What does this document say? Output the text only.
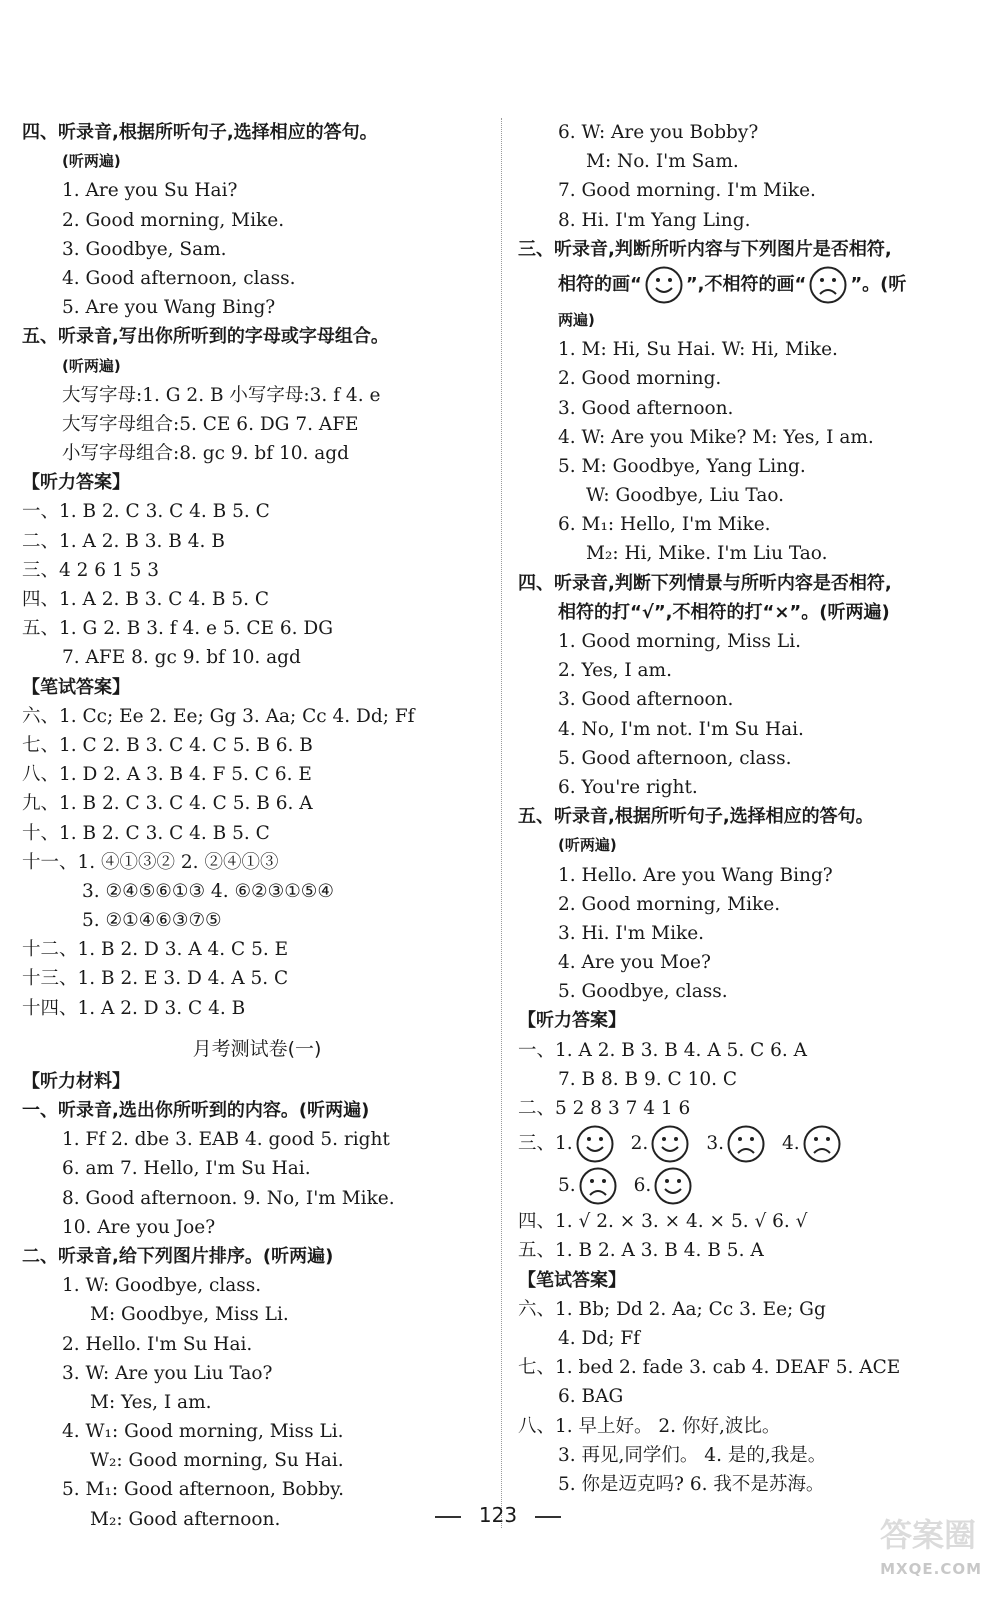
四、听录音,根据所听句子,选择相应的答句。
(听两遍)
1. Are you Su Hai?
2. Good morning, Mike.
3. Goodbye, Sam.
4. Good afternoon, class.
5. Are you Wang Bing?
五、听录音,写出你所听到的字母或字母组合。
(听两遍)
大写字母:1. G 2. B 小写字母:3. f 4. e
大写字母组合:5. CE 6. DG 7. AFE
小写字母组合:8. gc 9. bf 10. agd
【听力答案】
一、1. B 2. C 3. C 4. B 5. C
二、1. A 2. B 3. B 4. B
三、4 2 6 1 5 3
四、1. A 2. B 3. C 4. B 5. C
五、1. G 2. B 3. f 4. e 5. CE 6. DG
7. AFE 8. gc 9. bf 10. agd
【笔试答案】
六、1. Cc; Ee 2. Ee; Gg 3. Aa; Cc 4. Dd; Ff
七、1. C 2. B 3. C 4. C 5. B 6. B
八、1. D 2. A 3. B 4. F 5. C 6. E
九、1. B 2. C 3. C 4. C 5. B 6. A
十、1. B 2. C 3. C 4. B 5. C
十一、1. ④①③② 2. ②④①③
3. ②④⑤⑥①③ 4. ⑥②③①⑤④
5. ②①④⑥③⑦⑤
十二、1. B 2. D 3. A 4. C 5. E
十三、1. B 2. E 3. D 4. A 5. C
十四、1. A 2. D 3. C 4. B
月考测试卷(一)
【听力材料】
一、听录音,选出你所听到的内容。(听两遍)
1. Ff 2. dbe 3. EAB 4. good 5. right
6. am 7. Hello, I'm Su Hai.
8. Good afternoon. 9. No, I'm Mike.
10. Are you Joe?
二、听录音,给下列图片排序。(听两遍)
1. W: Goodbye, class.
M: Goodbye, Miss Li.
2. Hello. I'm Su Hai.
3. W: Are you Liu Tao?
M: Yes, I am.
4. W₁: Good morning, Miss Li.
W₂: Good morning, Su Hai.
5. M₁: Good afternoon, Bobby.
M₂: Good afternoon.
6. W: Are you Bobby?
M: No. I'm Sam.
7. Good morning. I'm Mike.
8. Hi. I'm Yang Ling.
三、听录音,判断所听内容与下列图片是否相符,
相符的画“ ”,不相符的画“ ”。(听
两遍)
1. M: Hi, Su Hai. W: Hi, Mike.
2. Good morning.
3. Good afternoon.
4. W: Are you Mike? M: Yes, I am.
5. M: Goodbye, Yang Ling.
W: Goodbye, Liu Tao.
6. M₁: Hello, I'm Mike.
M₂: Hi, Mike. I'm Liu Tao.
四、听录音,判断下列情景与所听内容是否相符,
相符的打“√”,不相符的打“×”。(听两遍)
1. Good morning, Miss Li.
2. Yes, I am.
3. Good afternoon.
4. No, I'm not. I'm Su Hai.
5. Good afternoon, class.
6. You're right.
五、听录音,根据所听句子,选择相应的答句。
(听两遍)
1. Hello. Are you Wang Bing?
2. Good morning, Mike.
3. Hi. I'm Mike.
4. Are you Moe?
5. Goodbye, class.
【听力答案】
一、1. A 2. B 3. B 4. A 5. C 6. A
7. B 8. B 9. C 10. C
二、5 2 8 3 7 4 1 6
三、1.	2.	3.	4.
5.	6.
四、1. √ 2. × 3. × 4. × 5. √ 6. √
五、1. B 2. A 3. B 4. B 5. A
【笔试答案】
六、1. Bb; Dd 2. Aa; Cc 3. Ee; Gg
4. Dd; Ff
七、1. bed 2. fade 3. cab 4. DEAF 5. ACE
6. BAG
八、1. 早上好。 2. 你好,波比。
3. 再见,同学们。 4. 是的,我是。
5. 你是迈克吗? 6. 我不是苏海。
123
答案圈
MXQE.COM
